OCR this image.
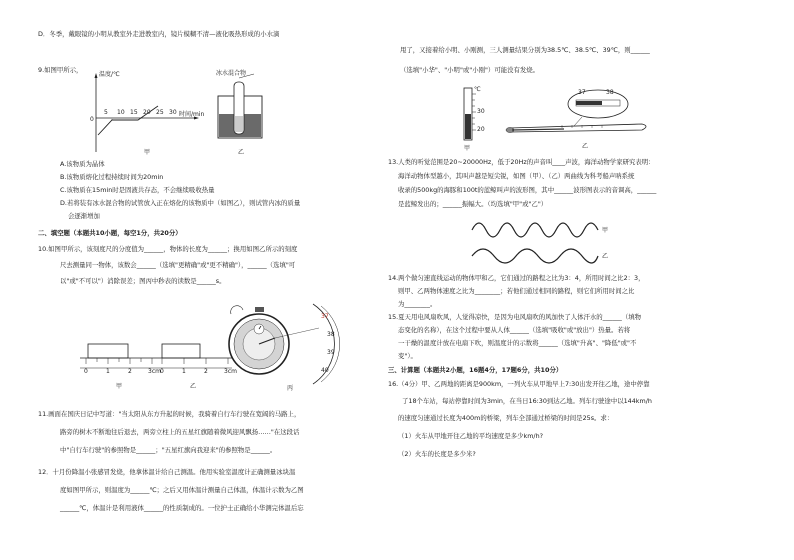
D．冬季，戴眼镜的小明从教室外走进教室内，镜片模糊不清—液化吸热形成的小水滴
9.如图甲所示，
温度/℃
时间/min
0
5 10 15 20 25 30
甲
冰水混合物
乙
A.该物质为晶体
B.该物质熔化过程持续时间为20min
C.该物质在15min时是固液共存态，不会继续吸收热量
D.若将装有冰水混合物的试管放入正在熔化的该物质中（如图乙），则试管内冰的质量
会逐渐增加
二、填空题（本题共10小题，每空1分，共20分）
10.如图甲所示，该刻度尺的分度值为______，物体的长度为______；换用如图乙所示的刻度
尺去测量同一物体，该数会______（选填"更精确"或"更不精确"），______（选填"可
以"或"不可以"）消除误差；图丙中秒表的读数是______s。
0	1	2	3cm
甲
0	1	2	3cm
乙
37
38
39
40
丙
11.画面在国庆日记中写道："当太阳从东方升起的时候，我骑着自行车行驶在宽阔的马路上，
路旁的树木不断地往后退去，两旁立柱上的五星红旗随着微风迎风飘扬……"在这段话
中"自行车行驶"的参照物是______；"五星红旗向我迎来"的参照物是______。
12．十月份降温小张感冒发烧，他拿体温计给自己测温。他用实验室温度计正确测量冰块温
度如图甲所示，则温度为______℃；之后又用体温计测量自己体温，体温计示数为乙图
______℃，体温计是利用液体______的性质制成的。一位护士正确给小华测完体温后忘
甩了，又接着给小明、小刚测，三人测量结果分别为38.5℃、38.5℃、39℃，则______
（选填"小华"、"小明"或"小刚"）可能没有发烧。
℃
30
20
甲
37	38
乙
13.人类的听觉范围是20~20000Hz，低于20Hz的声音叫____声波，海洋动物学家研究表明：
海洋动物体型越小，其叫声越是短尖锐，如图（甲）、（乙）两曲线为科考船声呐系统
收录的500kg的海豚和100t的蓝鲸叫声的波形图，其中______波形图表示的音调高，______
是蓝鲸发出的；______振幅大。（均选填"甲"或"乙"）
甲
乙
14.两个做匀速直线运动的物体甲和乙，它们通过的路程之比为3：4，所用时间之比2：3，
则甲、乙两物体速度之比为________；若他们通过相同的路程，则它们所用时间之比
为________。
15.夏天用电风扇吹风，人觉得凉快，是因为电风扇吹的风加快了人体汗水的______（填物
态变化的名称），在这个过程中要从人体______（选填"吸收"或"放出"）热量。若将
一干燥的温度计放在电扇下吹，则温度计的示数将______（选填"升高"、"降低"或"不
变"）。
三、计算题（本题共2小题，16题4分，17题6分，共10分）
16.（4分）甲、乙两地的距离是900km，一列火车从甲地早上7:30出发开往乙地，途中停靠
了18个车站，每站停靠时间为3min，在当日16:30到达乙地。列车行驶途中以144km/h
的速度匀速通过长度为400m的桥梁，列车全部通过桥梁的时间是25s。求：
（1）火车从甲地开往乙地的平均速度是多少km/h?
（2）火车的长度是多少米?
